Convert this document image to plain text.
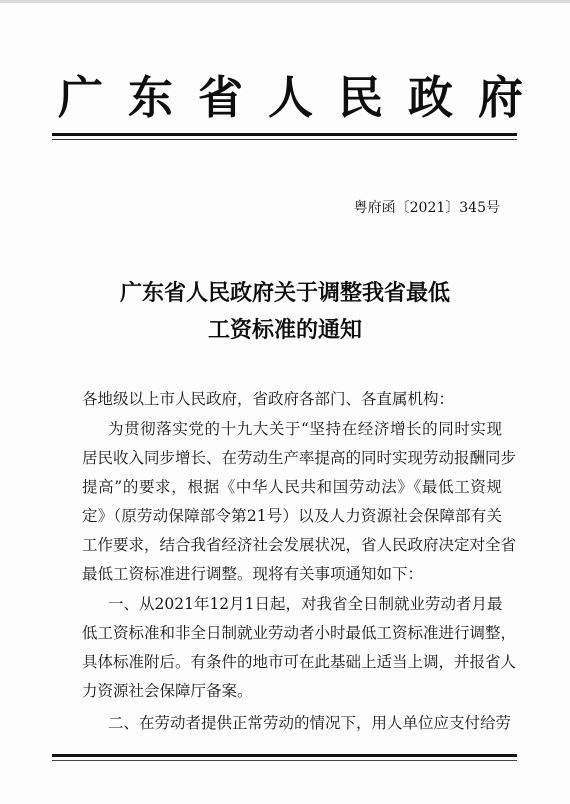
广东省人民政府
粤府函〔2021〕345号
广东省人民政府关于调整我省最低
工资标准的通知
各地级以上市人民政府，省政府各部门、各直属机构：
为贯彻落实党的十九大关于“坚持在经济增长的同时实现
居民收入同步增长、在劳动生产率提高的同时实现劳动报酬同步
提高”的要求，根据《中华人民共和国劳动法》《最低工资规
定》（原劳动保障部令第21号）以及人力资源社会保障部有关
工作要求，结合我省经济社会发展状况，省人民政府决定对全省
最低工资标准进行调整。现将有关事项通知如下：
一、从2021年12月1日起，对我省全日制就业劳动者月最
低工资标准和非全日制就业劳动者小时最低工资标准进行调整，
具体标准附后。有条件的地市可在此基础上适当上调，并报省人
力资源社会保障厅备案。
二、在劳动者提供正常劳动的情况下，用人单位应支付给劳
